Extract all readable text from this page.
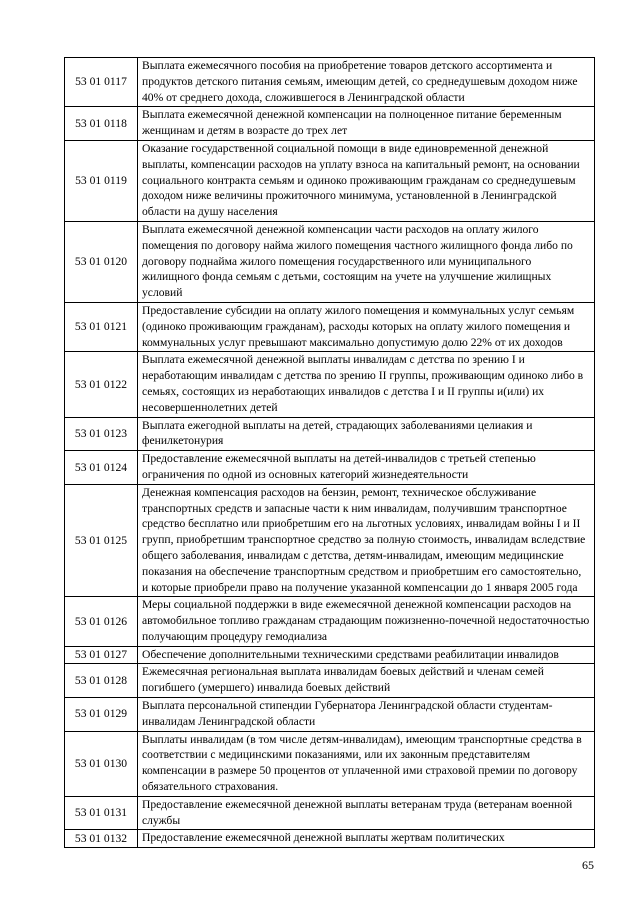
53 01 0117	Выплата ежемесячного пособия на приобретение товаров детского ассортимента и продуктов детского питания семьям, имеющим детей, со среднедушевым доходом ниже 40% от среднего дохода, сложившегося в Ленинградской области
53 01 0118	Выплата ежемесячной денежной компенсации на полноценное питание беременным женщинам и детям в возрасте до трех лет
53 01 0119	Оказание государственной социальной помощи в виде единовременной денежной выплаты, компенсации расходов на уплату взноса на капитальный ремонт, на основании социального контракта семьям и одиноко проживающим гражданам со среднедушевым доходом ниже величины прожиточного минимума, установленной в Ленинградской области на душу населения
53 01 0120	Выплата ежемесячной денежной компенсации части расходов на оплату жилого помещения по договору найма жилого помещения частного жилищного фонда либо по договору поднайма жилого помещения государственного или муниципального жилищного фонда семьям с детьми, состоящим на учете на улучшение жилищных условий
53 01 0121	Предоставление субсидии на оплату жилого помещения и коммунальных услуг семьям (одиноко проживающим гражданам), расходы которых на оплату жилого помещения и коммунальных услуг превышают максимально допустимую долю 22% от их доходов
53 01 0122	Выплата ежемесячной денежной выплаты инвалидам с детства по зрению I и неработающим инвалидам с детства по зрению II группы, проживающим одиноко либо в семьях, состоящих из неработающих инвалидов с детства I и II группы и(или) их несовершеннолетних детей
53 01 0123	Выплата ежегодной выплаты на детей, страдающих заболеваниями целиакия и фенилкетонурия
53 01 0124	Предоставление ежемесячной выплаты на детей-инвалидов с третьей степенью ограничения по одной из основных категорий жизнедеятельности
53 01 0125	Денежная компенсация расходов на бензин, ремонт, техническое обслуживание транспортных средств и запасные части к ним инвалидам, получившим транспортное средство бесплатно или приобретшим его на льготных условиях, инвалидам войны I и II групп, приобретшим транспортное средство за полную стоимость, инвалидам вследствие общего заболевания, инвалидам с детства, детям-инвалидам, имеющим медицинские показания на обеспечение транспортным средством и приобретшим его самостоятельно, и которые приобрели право на получение указанной компенсации до 1 января 2005 года
53 01 0126	Меры социальной поддержки в виде ежемесячной денежной компенсации расходов на автомобильное топливо гражданам страдающим пожизненно-почечной недостаточностью получающим процедуру гемодиализа
53 01 0127	Обеспечение дополнительными техническими средствами реабилитации инвалидов
53 01 0128	Ежемесячная региональная выплата инвалидам боевых действий и членам семей погибшего (умершего) инвалида боевых действий
53 01 0129	Выплата персональной стипендии Губернатора Ленинградской области студентам-инвалидам Ленинградской области
53 01 0130	Выплаты инвалидам (в том числе детям-инвалидам), имеющим транспортные средства в соответствии с медицинскими показаниями, или их законным представителям компенсации в размере 50 процентов от уплаченной ими страховой премии по договору обязательного страхования.
53 01 0131	Предоставление ежемесячной денежной выплаты ветеранам труда (ветеранам военной службы
53 01 0132	Предоставление ежемесячной денежной выплаты жертвам политических
65
